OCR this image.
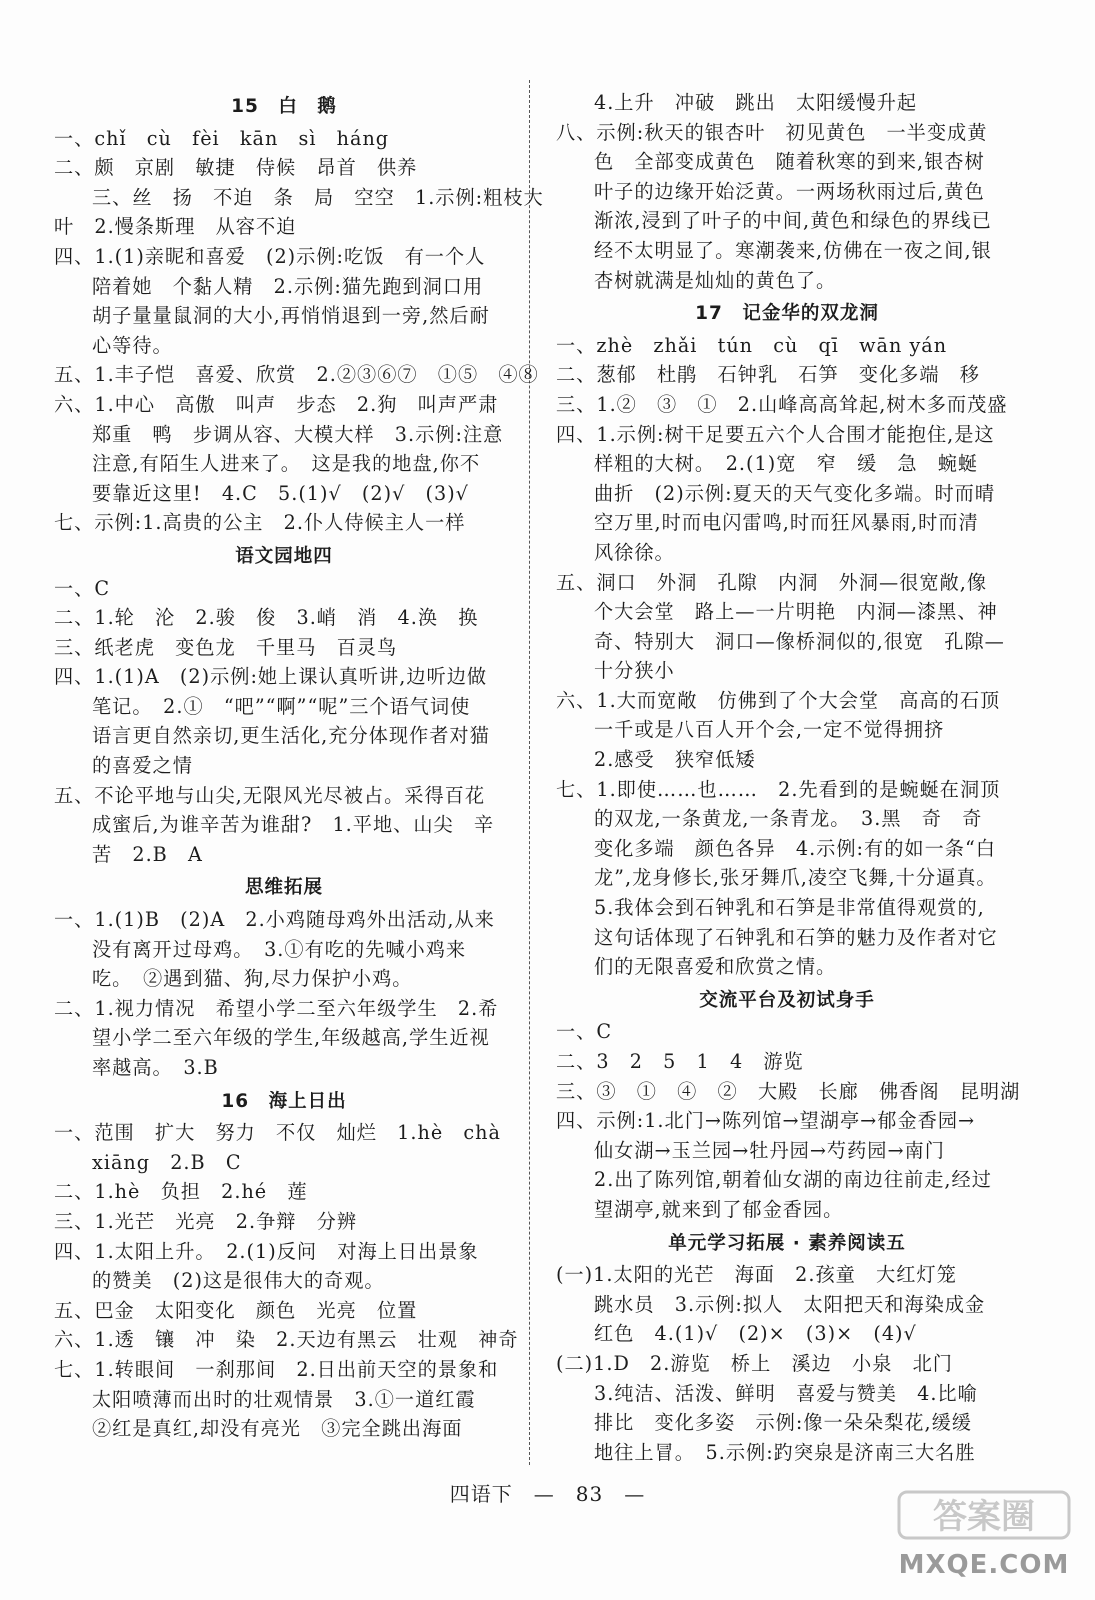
15　白　鹅
一、chǐ　cù　fèi　kān　sì　háng
二、颇　京剧　敏捷　侍候　昂首　供养
三、丝　扬　不迫　条　局　空空　1.示例:粗枝大
叶　2.慢条斯理　从容不迫
四、1.(1)亲昵和喜爱　(2)示例:吃饭　有一个人
陪着她　个黏人精　2.示例:猫先跑到洞口用
胡子量量鼠洞的大小,再悄悄退到一旁,然后耐
心等待。
五、1.丰子恺　喜爱、欣赏　2.②③⑥⑦　①⑤　④⑧
六、1.中心　高傲　叫声　步态　2.狗　叫声严肃
郑重　鸭　步调从容、大模大样　3.示例:注意
注意,有陌生人进来了。　这是我的地盘,你不
要靠近这里!　4.C　5.(1)√　(2)√　(3)√
七、示例:1.高贵的公主　2.仆人侍候主人一样
语文园地四
一、C
二、1.轮　沦　2.骏　俊　3.峭　消　4.涣　换
三、纸老虎　变色龙　千里马　百灵鸟
四、1.(1)A　(2)示例:她上课认真听讲,边听边做
笔记。　2.①　“吧”“啊”“呢”三个语气词使
语言更自然亲切,更生活化,充分体现作者对猫
的喜爱之情
五、不论平地与山尖,无限风光尽被占。采得百花
成蜜后,为谁辛苦为谁甜?　1.平地、山尖　辛
苦　2.B　A
思维拓展
一、1.(1)B　(2)A　2.小鸡随母鸡外出活动,从来
没有离开过母鸡。　3.①有吃的先喊小鸡来
吃。　②遇到猫、狗,尽力保护小鸡。
二、1.视力情况　希望小学二至六年级学生　2.希
望小学二至六年级的学生,年级越高,学生近视
率越高。　3.B
16　海上日出
一、范围　扩大　努力　不仅　灿烂　1.hè　chà
xiāng　2.B　C
二、1.hè　负担　2.hé　莲
三、1.光芒　光亮　2.争辩　分辨
四、1.太阳上升。　2.(1)反问　对海上日出景象
的赞美　(2)这是很伟大的奇观。
五、巴金　太阳变化　颜色　光亮　位置
六、1.透　镶　冲　染　2.天边有黑云　壮观　神奇
七、1.转眼间　一刹那间　2.日出前天空的景象和
太阳喷薄而出时的壮观情景　3.①一道红霞
②红是真红,却没有亮光　③完全跳出海面
4.上升　冲破　跳出　太阳缓慢升起
八、示例:秋天的银杏叶　初见黄色　一半变成黄
色　全部变成黄色　随着秋寒的到来,银杏树
叶子的边缘开始泛黄。一两场秋雨过后,黄色
渐浓,浸到了叶子的中间,黄色和绿色的界线已
经不太明显了。寒潮袭来,仿佛在一夜之间,银
杏树就满是灿灿的黄色了。
17　记金华的双龙洞
一、zhè　zhǎi　tún　cù　qī　wān yán
二、葱郁　杜鹃　石钟乳　石笋　变化多端　移
三、1.②　③　①　2.山峰高高耸起,树木多而茂盛
四、1.示例:树干足要五六个人合围才能抱住,是这
样粗的大树。　2.(1)宽　窄　缓　急　蜿蜒
曲折　(2)示例:夏天的天气变化多端。时而晴
空万里,时而电闪雷鸣,时而狂风暴雨,时而清
风徐徐。
五、洞口　外洞　孔隙　内洞　外洞—很宽敞,像
个大会堂　路上—一片明艳　内洞—漆黑、神
奇、特别大　洞口—像桥洞似的,很宽　孔隙—
十分狭小
六、1.大而宽敞　仿佛到了个大会堂　高高的石顶
一千或是八百人开个会,一定不觉得拥挤
2.感受　狭窄低矮
七、1.即使……也……　2.先看到的是蜿蜒在洞顶
的双龙,一条黄龙,一条青龙。　3.黑　奇　奇
变化多端　颜色各异　4.示例:有的如一条“白
龙”,龙身修长,张牙舞爪,凌空飞舞,十分逼真。
5.我体会到石钟乳和石笋是非常值得观赏的,
这句话体现了石钟乳和石笋的魅力及作者对它
们的无限喜爱和欣赏之情。
交流平台及初试身手
一、C
二、3　2　5　1　4　游览
三、③　①　④　②　大殿　长廊　佛香阁　昆明湖
四、示例:1.北门→陈列馆→望湖亭→郁金香园→
仙女湖→玉兰园→牡丹园→芍药园→南门
2.出了陈列馆,朝着仙女湖的南边往前走,经过
望湖亭,就来到了郁金香园。
单元学习拓展 · 素养阅读五
(一)1.太阳的光芒　海面　2.孩童　大红灯笼
跳水员　3.示例:拟人　太阳把天和海染成金
红色　4.(1)√　(2)×　(3)×　(4)√
(二)1.D　2.游览　桥上　溪边　小泉　北门
3.纯洁、活泼、鲜明　喜爱与赞美　4.比喻
排比　变化多姿　示例:像一朵朵梨花,缓缓
地往上冒。　5.示例:趵突泉是济南三大名胜
四语下　—　83　—
答案圈
MXQE.COM
